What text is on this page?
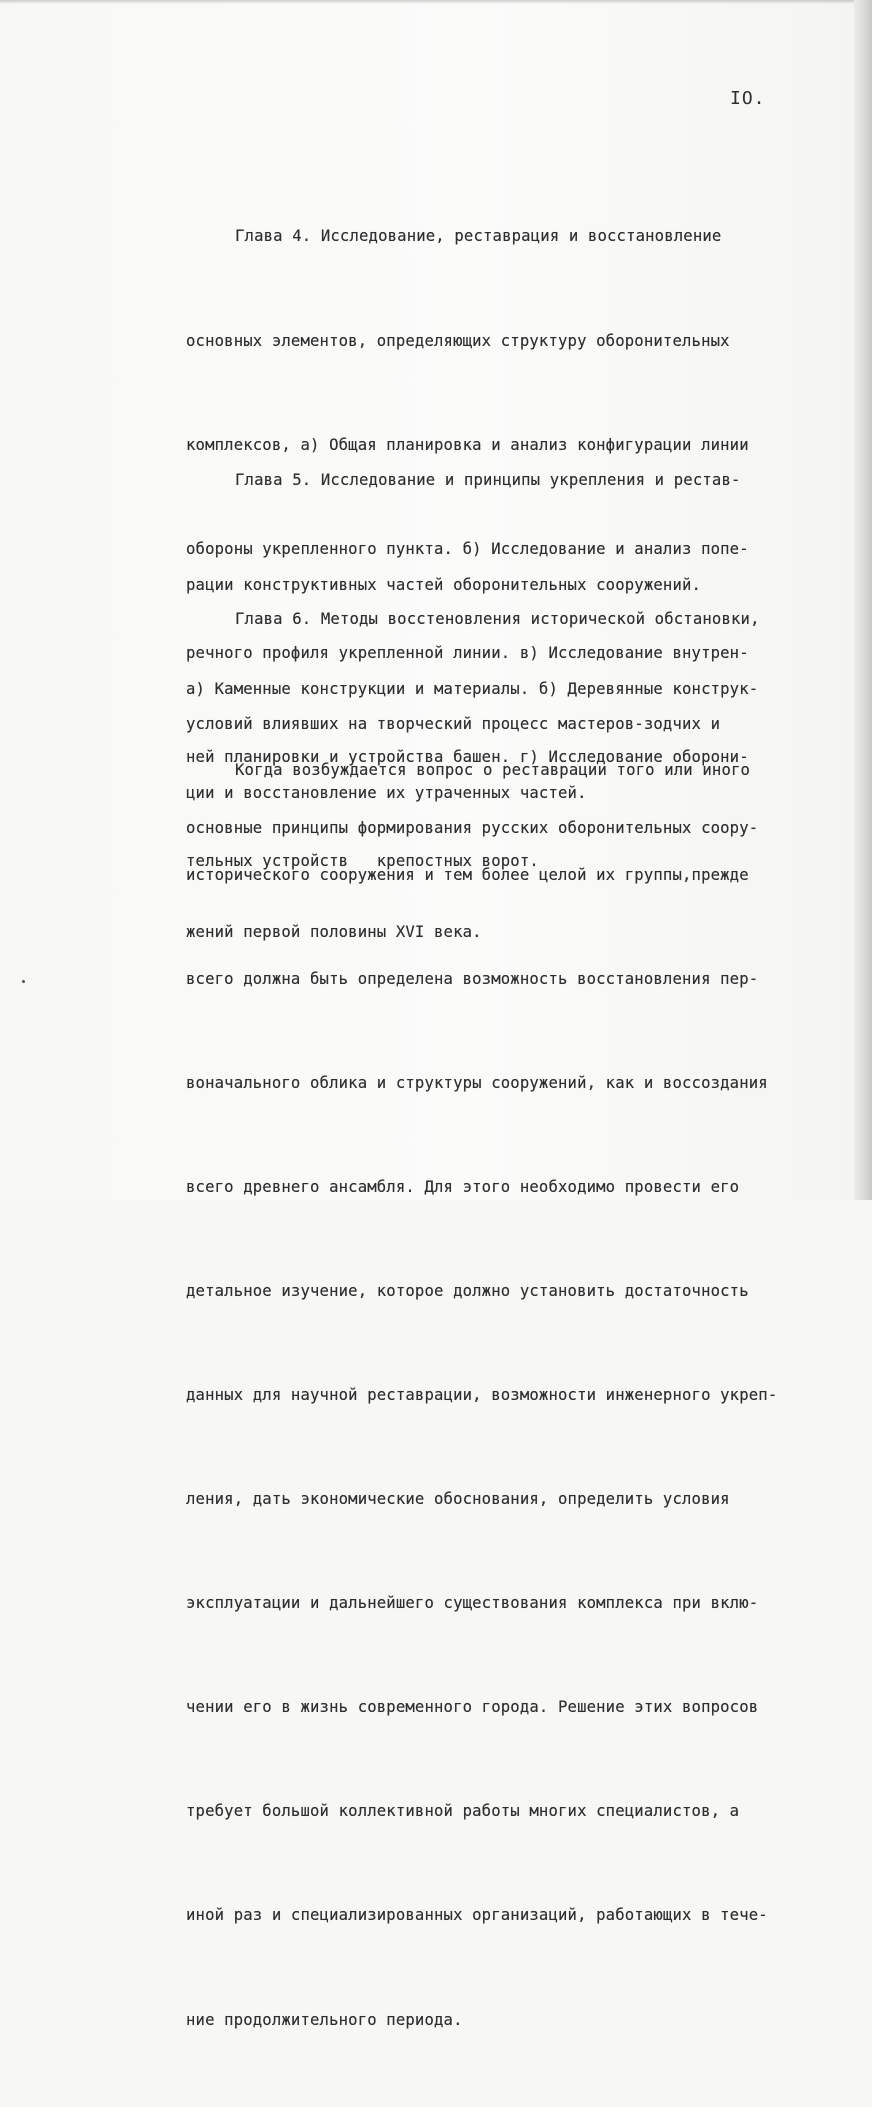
IO.

Глава 4. Исследование, реставрация и восстановление

основных элементов, определяющих структуру оборонительных

комплексов, а) Общая планировка и анализ конфигурации линии

обороны укрепленного пункта. б) Исследование и анализ попе-

речного профиля укрепленной линии. в) Исследование внутрен-

ней планировки и устройства башен. г) Исследование оборони-

тельных устройств   крепостных ворот.

Глава 5. Исследование и принципы укрепления и рестав-

рации конструктивных частей оборонительных сооружений.

а) Каменные конструкции и материалы. б) Деревянные конструк-

ции и восстановление их утраченных частей.

Глава 6. Методы восстеновления исторической обстановки,

условий влиявших на творческий процесс мастеров-зодчих и

основные принципы формирования русских оборонительных соору-

жений первой половины XVI века.

Когда возбуждается вопрос о реставрации того или иного

исторического сооружения и тем более целой их группы,прежде

всего должна быть определена возможность восстановления пер-

воначального облика и структуры сооружений, как и воссоздания

всего древнего ансамбля. Для этого необходимо провести его

детальное изучение, которое должно установить достаточность

данных для научной реставрации, возможности инженерного укреп-

ления, дать экономические обоснования, определить условия

эксплуатации и дальнейшего существования комплекса при вклю-

чении его в жизнь современного города. Решение этих вопросов

требует большой коллективной работы многих специалистов, а

иной раз и специализированных организаций, работающих в тече-

ние продолжительного периода.
